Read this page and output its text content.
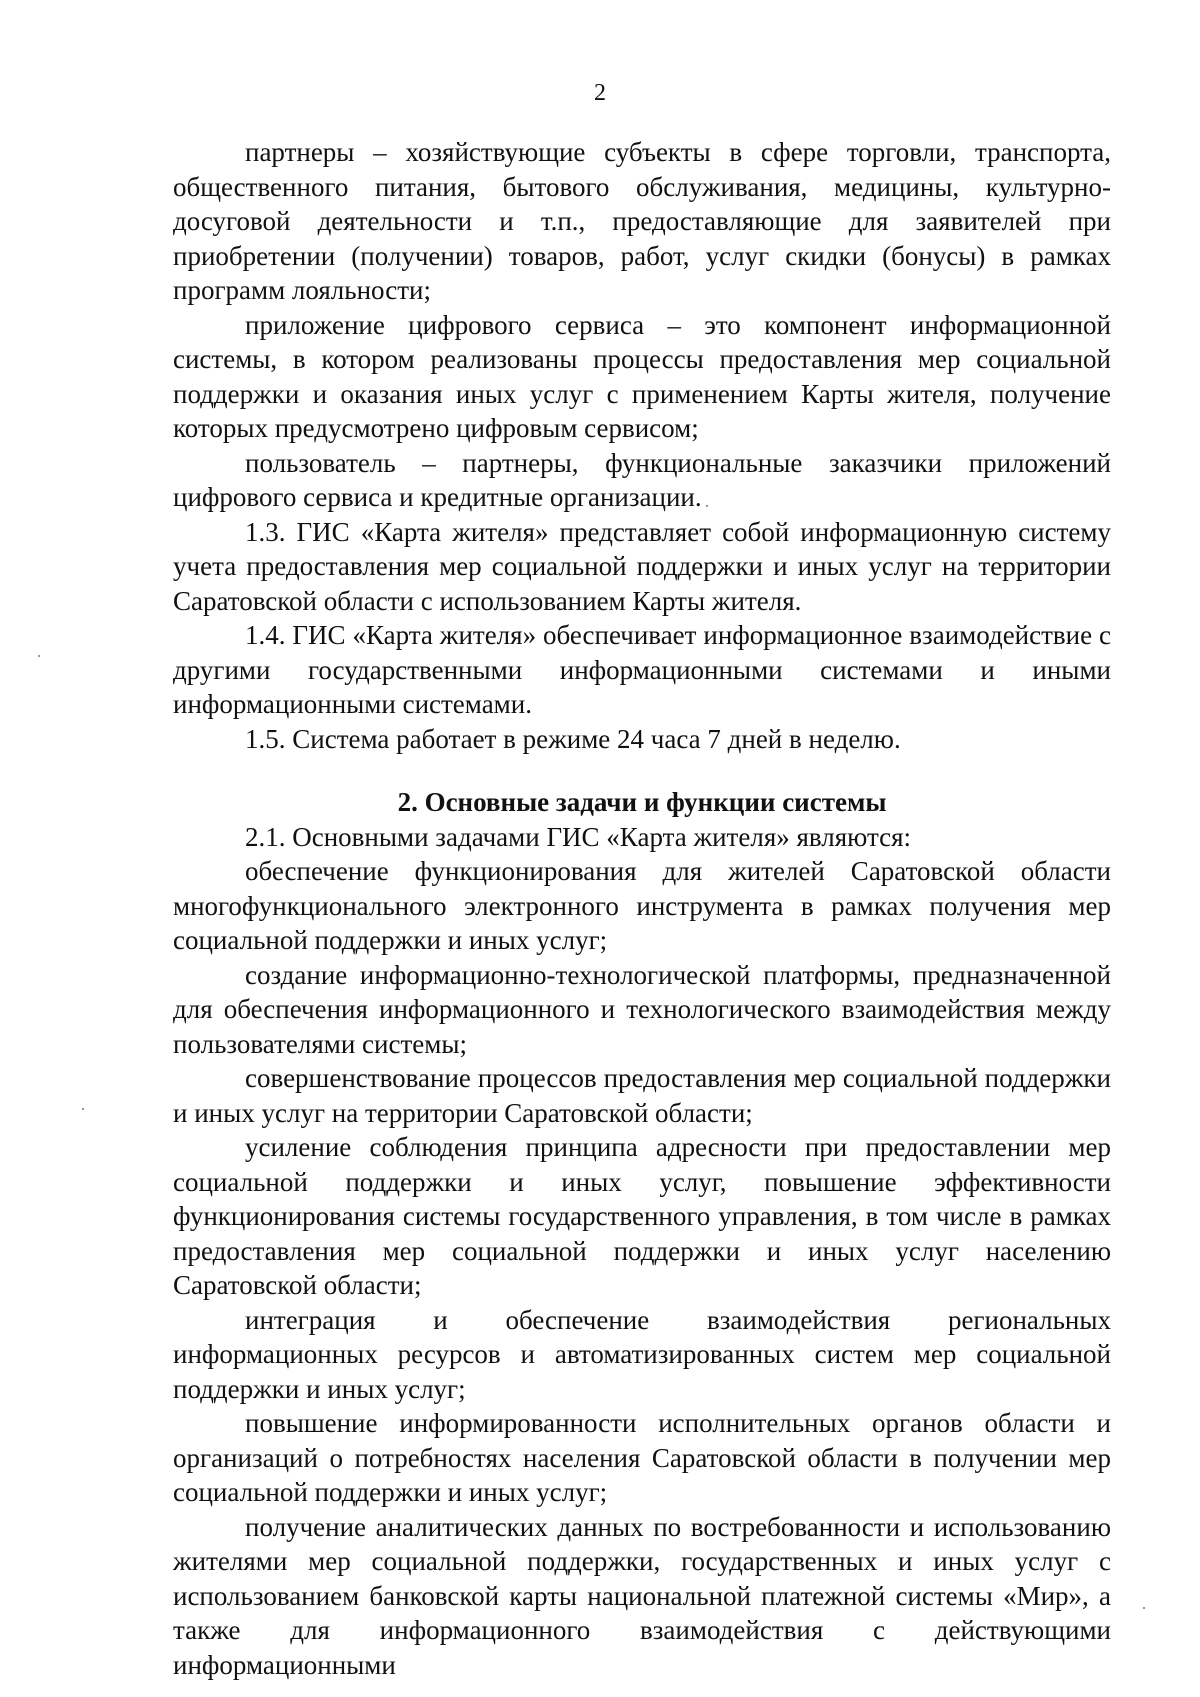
2

партнеры – хозяйствующие субъекты в сфере торговли, транспорта, общественного питания, бытового обслуживания, медицины, культурно-досуговой деятельности и т.п., предоставляющие для заявителей при приобретении (получении) товаров, работ, услуг скидки (бонусы) в рамках программ лояльности;

приложение цифрового сервиса – это компонент информационной системы, в котором реализованы процессы предоставления мер социальной поддержки и оказания иных услуг с применением Карты жителя, получение которых предусмотрено цифровым сервисом;

пользователь – партнеры, функциональные заказчики приложений цифрового сервиса и кредитные организации.

1.3. ГИС «Карта жителя» представляет собой информационную систему учета предоставления мер социальной поддержки и иных услуг на территории Саратовской области с использованием Карты жителя.

1.4. ГИС «Карта жителя» обеспечивает информационное взаимодействие с другими государственными информационными системами и иными информационными системами.

1.5. Система работает в режиме 24 часа 7 дней в неделю.

2. Основные задачи и функции системы

2.1. Основными задачами ГИС «Карта жителя» являются:

обеспечение функционирования для жителей Саратовской области многофункционального электронного инструмента в рамках получения мер социальной поддержки и иных услуг;

создание информационно-технологической платформы, предназначенной для обеспечения информационного и технологического взаимодействия между пользователями системы;

совершенствование процессов предоставления мер социальной поддержки и иных услуг на территории Саратовской области;

усиление соблюдения принципа адресности при предоставлении мер социальной поддержки и иных услуг, повышение эффективности функционирования системы государственного управления, в том числе в рамках предоставления мер социальной поддержки и иных услуг населению Саратовской области;

интеграция и обеспечение взаимодействия региональных информационных ресурсов и автоматизированных систем мер социальной поддержки и иных услуг;

повышение информированности исполнительных органов области и организаций о потребностях населения Саратовской области в получении мер социальной поддержки и иных услуг;

получение аналитических данных по востребованности и использованию жителями мер социальной поддержки, государственных и иных услуг с использованием банковской карты национальной платежной системы «Мир», а также для информационного взаимодействия с действующими информационными
